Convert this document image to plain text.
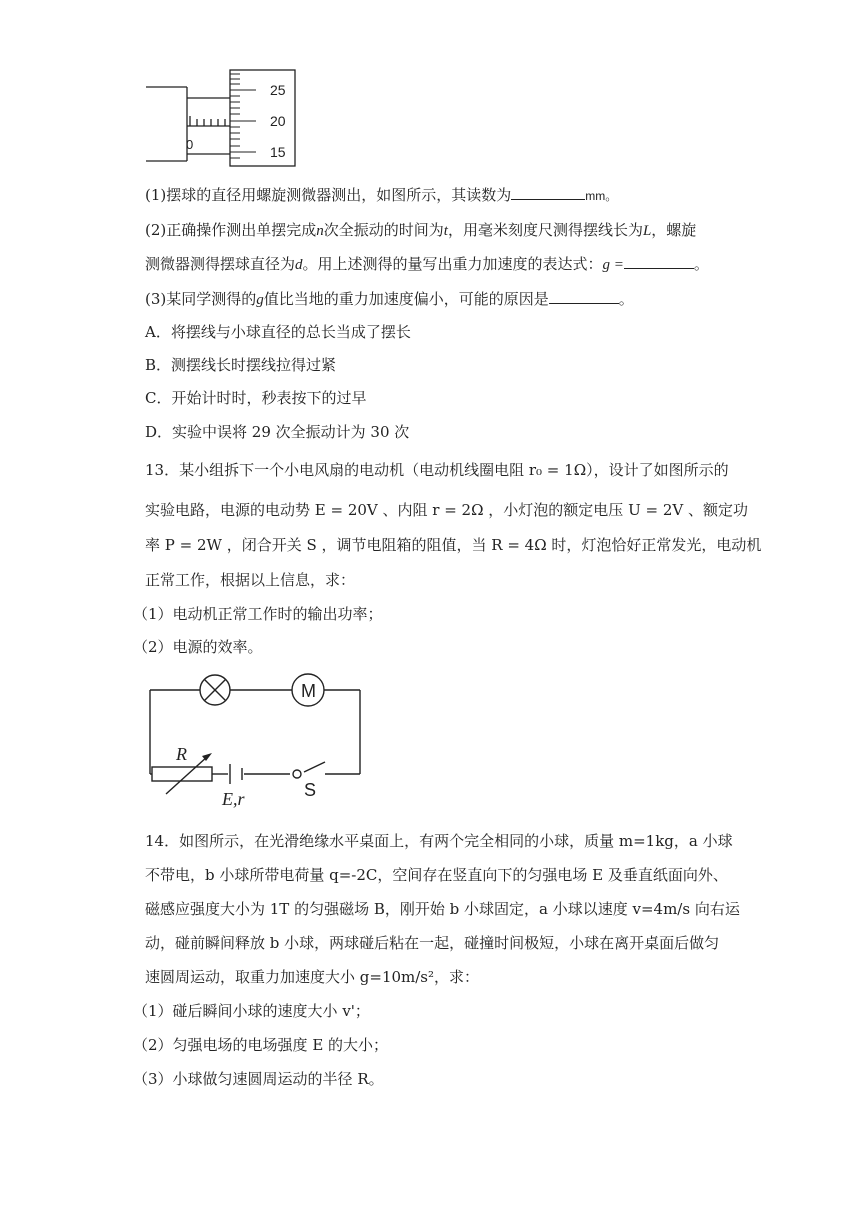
25
20
15
0
(1)摆球的直径用螺旋测微器测出，如图所示，其读数为	mm。
(2)正确操作测出单摆完成n次全振动的时间为t，用毫米刻度尺测得摆线长为L，螺旋
测微器测得摆球直径为d。用上述测得的量写出重力加速度的表达式：g =	。
(3)某同学测得的g值比当地的重力加速度偏小，可能的原因是	。
A．将摆线与小球直径的总长当成了摆长
B．测摆线长时摆线拉得过紧
C．开始计时时，秒表按下的过早
D．实验中误将 29 次全振动计为 30 次
13．某小组拆下一个小电风扇的电动机（电动机线圈电阻 r₀ = 1Ω），设计了如图所示的
实验电路，电源的电动势 E = 20V 、内阻 r = 2Ω ，小灯泡的额定电压 U = 2V 、额定功
率 P = 2W ，闭合开关 S ，调节电阻箱的阻值，当 R = 4Ω 时，灯泡恰好正常发光，电动机
正常工作，根据以上信息，求：
（1）电动机正常工作时的输出功率；
（2）电源的效率。
M
R
E,r	S
14．如图所示，在光滑绝缘水平桌面上，有两个完全相同的小球，质量 m=1kg，a 小球
不带电，b 小球所带电荷量 q=-2C，空间存在竖直向下的匀强电场 E 及垂直纸面向外、
磁感应强度大小为 1T 的匀强磁场 B，刚开始 b 小球固定，a 小球以速度 v=4m/s 向右运
动，碰前瞬间释放 b 小球，两球碰后粘在一起，碰撞时间极短，小球在离开桌面后做匀
速圆周运动，取重力加速度大小 g=10m/s²，求：
（1）碰后瞬间小球的速度大小 v'；
（2）匀强电场的电场强度 E 的大小；
（3）小球做匀速圆周运动的半径 R。
